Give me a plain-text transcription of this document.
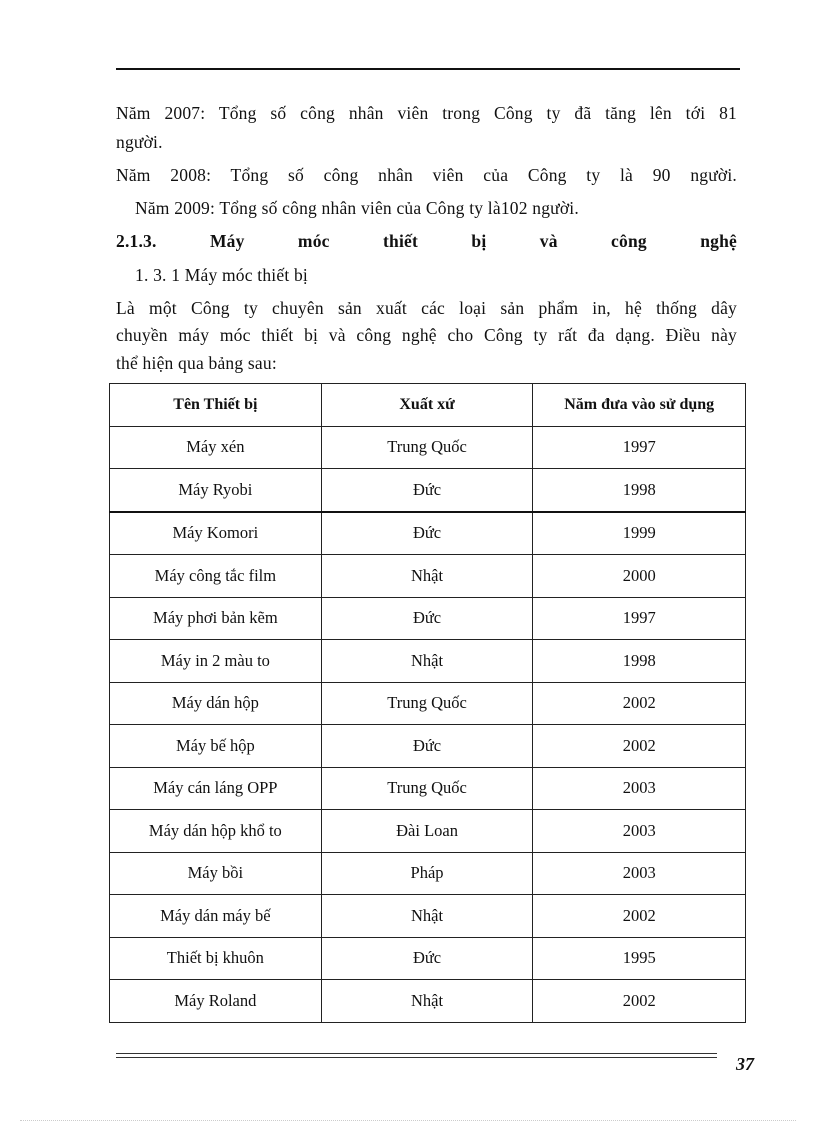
Năm 2007: Tổng số công nhân viên trong Công ty đã tăng lên tới 81

người.

Năm 2008: Tổng số công nhân viên của Công ty là 90 người.

Năm 2009: Tổng số công nhân viên của Công ty là102 người.

2.1.3. Máy móc thiết bị và công nghệ

1. 3. 1 Máy móc thiết bị

Là một Công ty chuyên sản xuất các loại sản phẩm in, hệ thống dây

chuyền máy móc thiết bị và công nghệ cho Công ty rất đa dạng. Điều này

thể hiện qua bảng sau:

Tên Thiết bị	Xuất xứ	Năm đưa vào sử dụng
Máy xén	Trung Quốc	1997
Máy Ryobi	Đức	1998
Máy Komori	Đức	1999
Máy công tắc film	Nhật	2000
Máy phơi bản kẽm	Đức	1997
Máy in 2 màu to	Nhật	1998
Máy dán hộp	Trung Quốc	2002
Máy bế hộp	Đức	2002
Máy cán láng OPP	Trung Quốc	2003
Máy dán hộp khổ to	Đài Loan	2003
Máy bồi	Pháp	2003
Máy dán máy bế	Nhật	2002
Thiết bị khuôn	Đức	1995
Máy Roland	Nhật	2002
37
